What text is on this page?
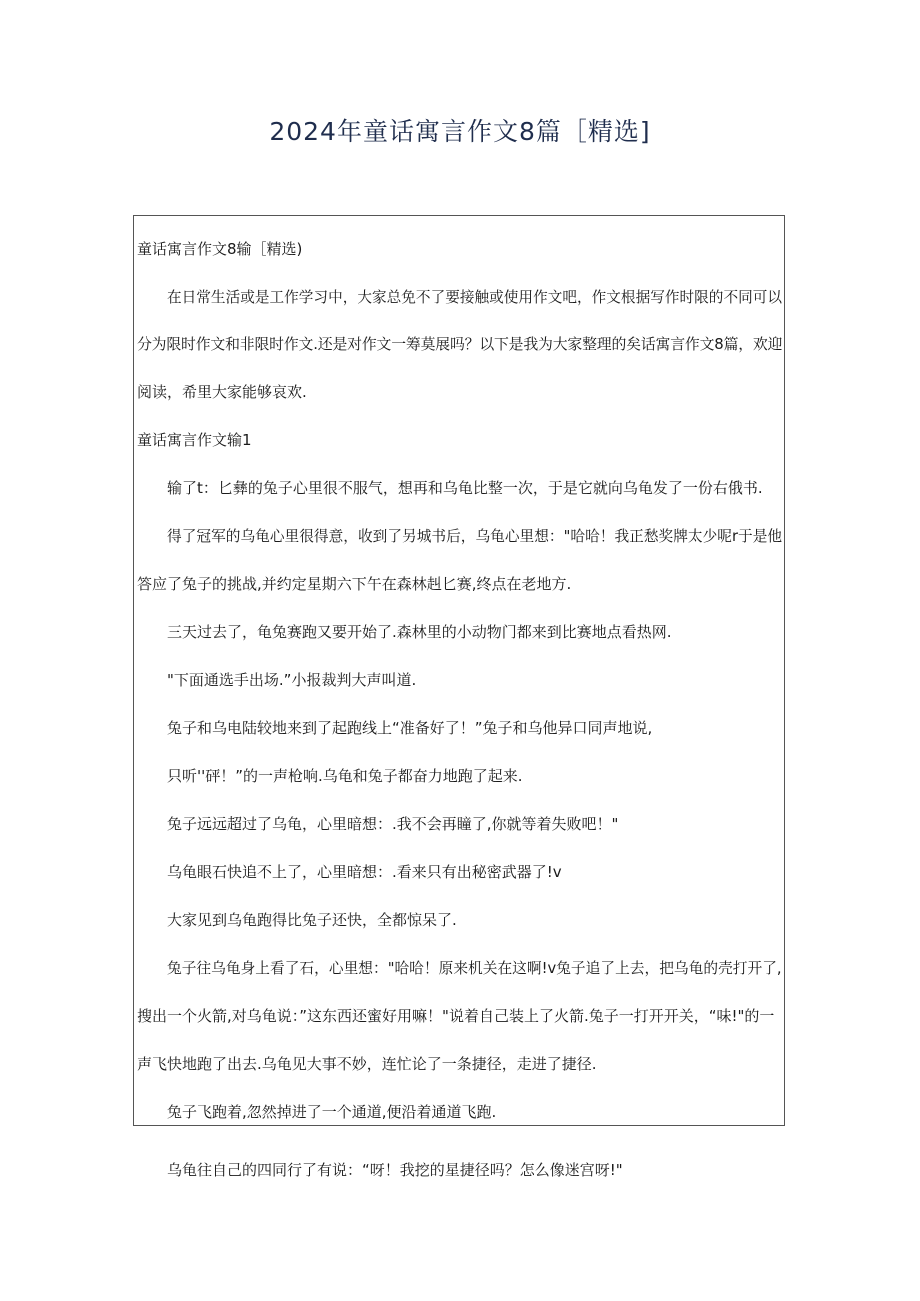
2024年童话寓言作文8篇［精选]

童话寓言作文8输［精选)

在日常生活或是工作学习中，大家总免不了要接触或使用作文吧，作文根据写作时限的不同可以

分为限时作文和非限时作文.还是对作文一筹莫展吗？以下是我为大家整理的矣话寓言作文8篇，欢迎

阅读，希里大家能够哀欢.

童话寓言作文输1

输了t：匕彝的兔子心里很不服气，想再和乌龟比整一次，于是它就向乌龟发了一份右俄书.

得了冠军的乌龟心里很得意，收到了另城书后，乌龟心里想："哈哈！我正愁奖牌太少呢r于是他

答应了兔子的挑战,并约定星期六下午在森林赳匕赛,终点在老地方.

三天过去了，龟兔赛跑又要开始了.森林里的小动物门都来到比赛地点看热网.

"下面通选手出场.”小报裁判大声叫道.

兔子和乌电陆较地来到了起跑线上“准备好了！”兔子和乌他异口同声地说,

只听''砰！”的一声枪响.乌龟和兔子都奋力地跑了起来.

兔子远远超过了乌龟，心里暗想：.我不会再瞳了,你就等着失败吧！"

乌龟眼石快追不上了，心里暗想：.看来只有出秘密武器了!v

大家见到乌龟跑得比兔子还快，全都惊呆了.

兔子往乌龟身上看了石，心里想："哈哈！原来机关在这啊!v兔子追了上去，把乌龟的壳打开了,

搜出一个火箭,对乌龟说：”这东西还蜜好用嘛！"说着自己装上了火箭.兔子一打开开关，“味!"的一

声飞快地跑了出去.乌龟见大事不妙，连忙论了一条捷径，走进了捷径.

兔子飞跑着,忽然掉进了一个通道,便沿着通道飞跑.

乌龟往自己的四同行了有说：“呀！我挖的星捷径吗？怎么像迷宫呀!"
